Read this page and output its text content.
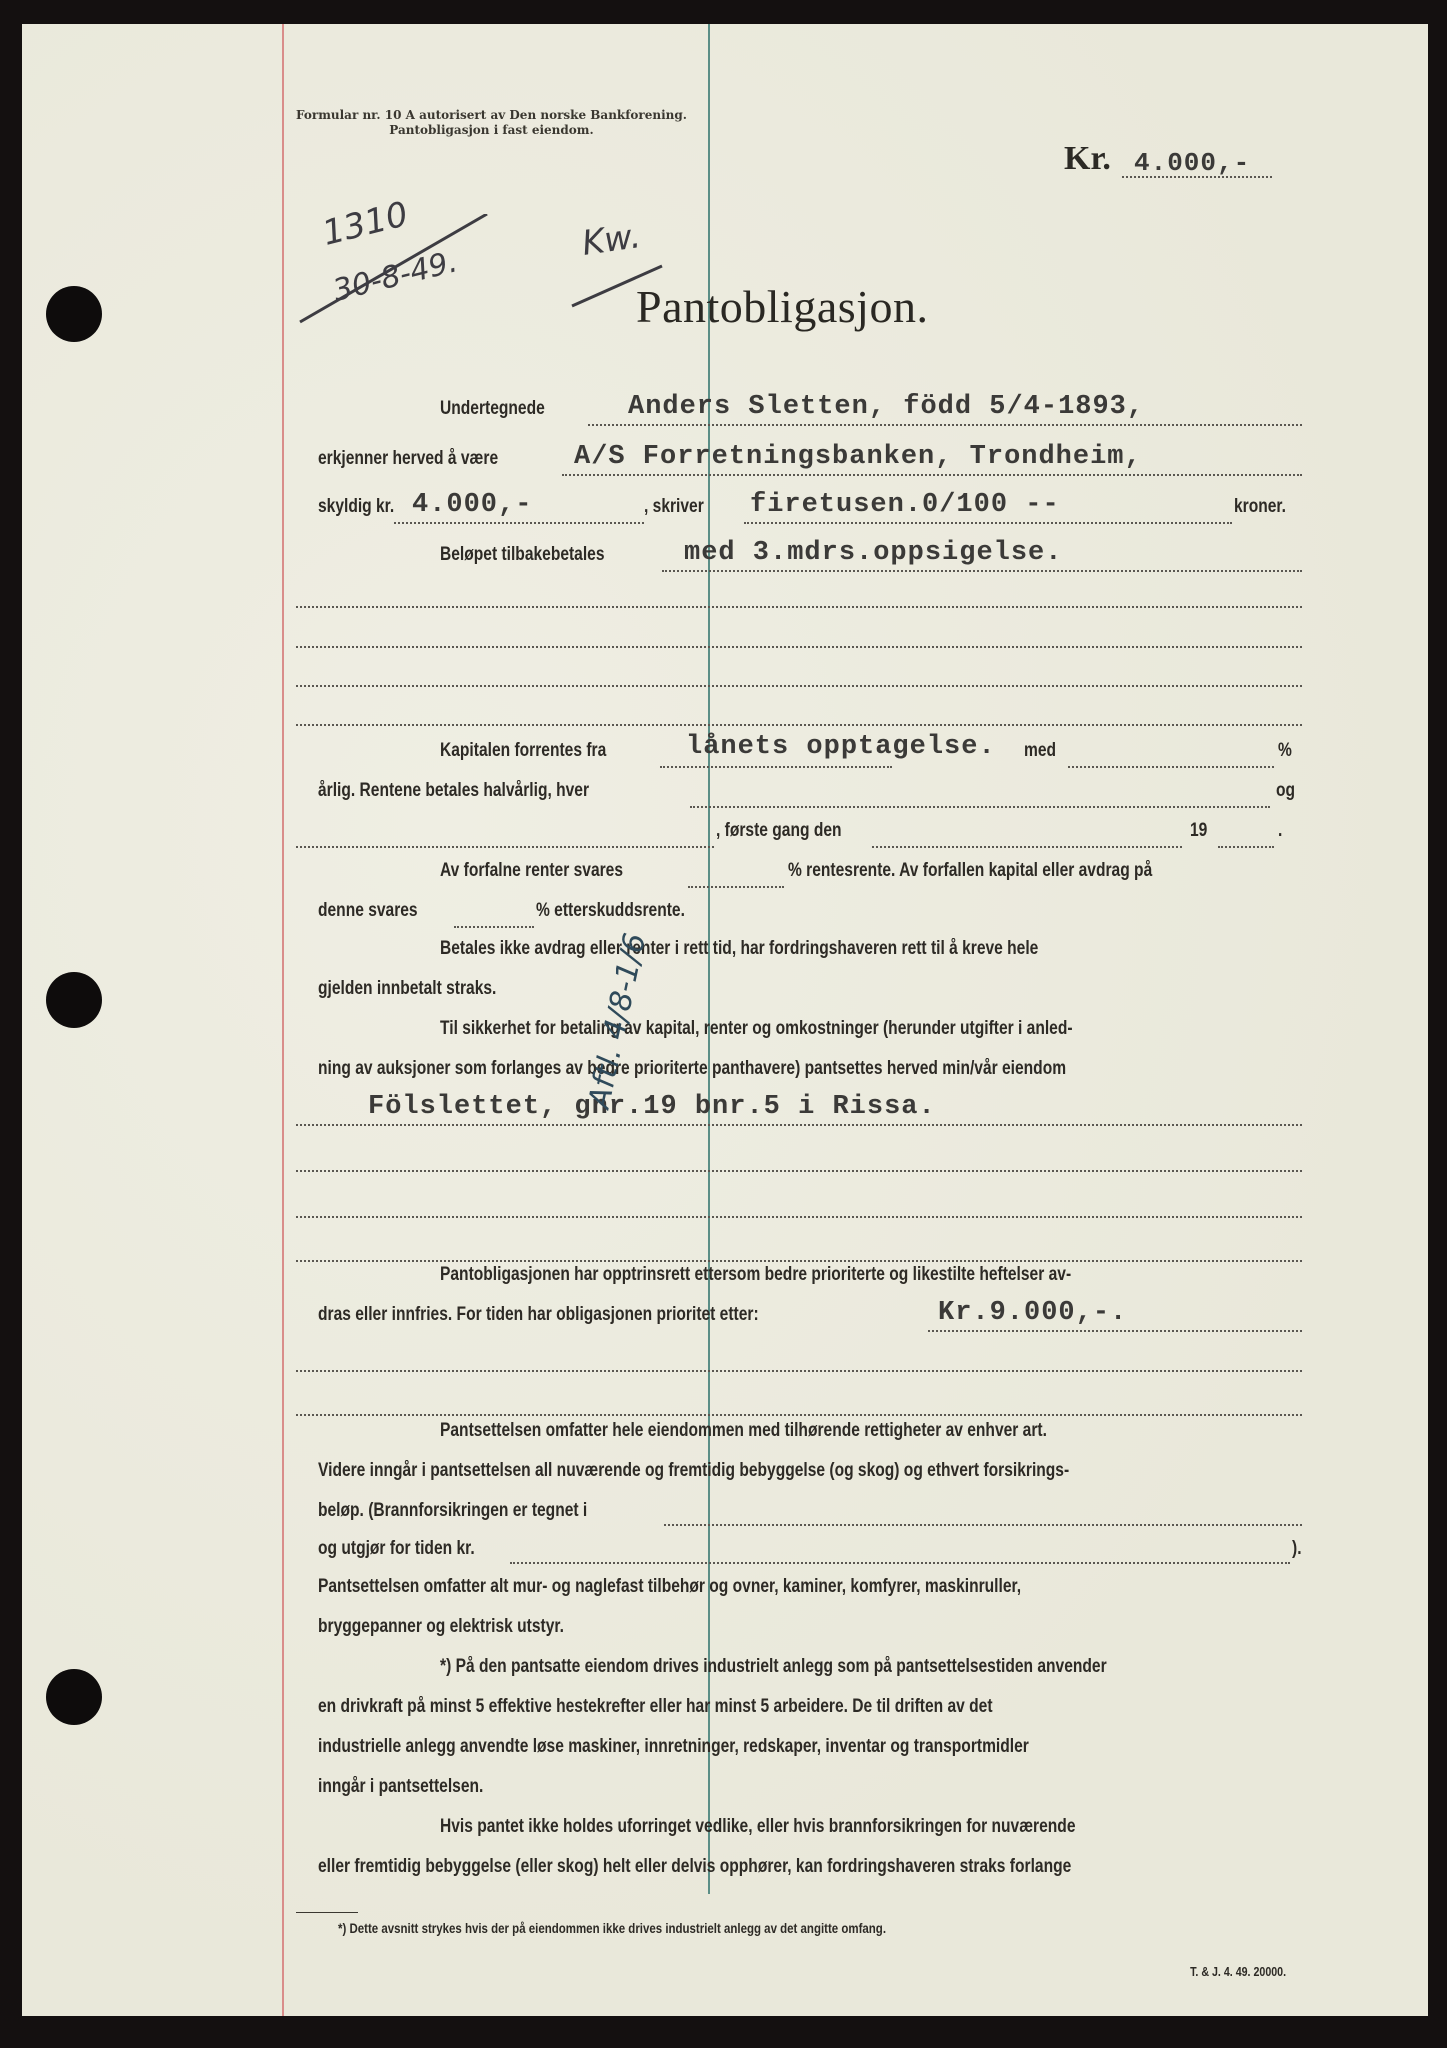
Formular nr. 10 A autorisert av Den norske Bankforening.
Pantobligasjon i fast eiendom.
Kr. 4.000,-
1310
30-8-49.
Kw.
Pantobligasjon.
Undertegnede	Anders Sletten, född 5/4-1893,
erkjenner herved å være	A/S Forretningsbanken, Trondheim,
skyldig kr. 4.000,-	, skriver firetusen.0/100 --	kroner.
Beløpet tilbakebetales	med 3.mdrs.oppsigelse.
Kapitalen forrentes fra	lånets opptagelse. med	%
årlig. Rentene betales halvårlig, hver	og
, første gang den	19	.
Av forfalne renter svares	% rentesrente. Av forfallen kapital eller avdrag på
denne svares	% etterskuddsrente.
Betales ikke avdrag eller renter i rett tid, har fordringshaveren rett til å kreve hele
gjelden innbetalt straks.
Til sikkerhet for betaling av kapital, renter og omkostninger (herunder utgifter i anled-
ning av auksjoner som forlanges av bedre prioriterte panthavere) pantsettes herved min/vår eiendom
Fölslettet, gnr.19 bnr.5 i Rissa.
Pantobligasjonen har opptrinsrett ettersom bedre prioriterte og likestilte heftelser av-
dras eller innfries. For tiden har obligasjonen prioritet etter:	Kr.9.000,-.
Pantsettelsen omfatter hele eiendommen med tilhørende rettigheter av enhver art.
Videre inngår i pantsettelsen all nuværende og fremtidig bebyggelse (og skog) og ethvert forsikrings-
beløp. (Brannforsikringen er tegnet i
og utgjør for tiden kr.	).
Pantsettelsen omfatter alt mur- og naglefast tilbehør og ovner, kaminer, komfyrer, maskinruller,
bryggepanner og elektrisk utstyr.
*) På den pantsatte eiendom drives industrielt anlegg som på pantsettelsestiden anvender
en drivkraft på minst 5 effektive hestekrefter eller har minst 5 arbeidere. De til driften av det
industrielle anlegg anvendte løse maskiner, innretninger, redskaper, inventar og transportmidler
inngår i pantsettelsen.
Hvis pantet ikke holdes uforringet vedlike, eller hvis brannforsikringen for nuværende
eller fremtidig bebyggelse (eller skog) helt eller delvis opphører, kan fordringshaveren straks forlange
*) Dette avsnitt strykes hvis der på eiendommen ikke drives industrielt anlegg av det angitte omfang.
T. & J. 4. 49. 20000.
Aftl. 4/8-1/6
